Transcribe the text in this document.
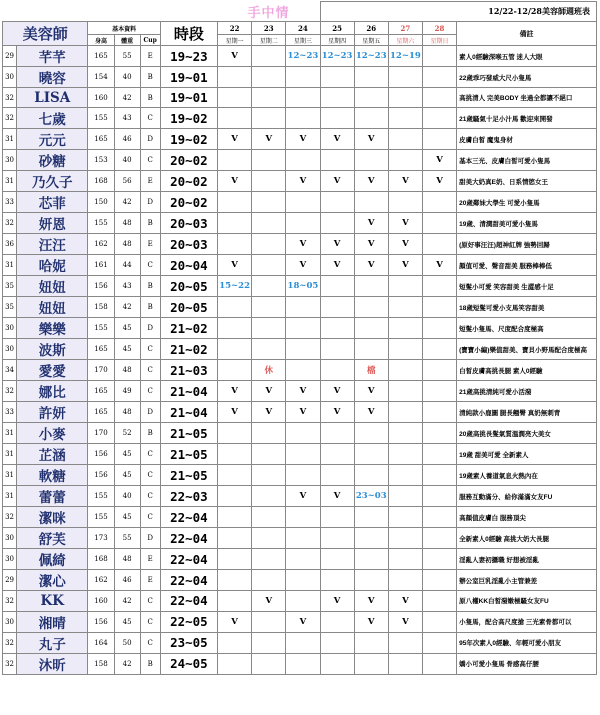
						手中情			12/22-12/28美容師週班表				
美容師		基本資料			時段	22	23	24	25	26	27	28	備註
		身高	體重	Cup		星期一	星期二	星期三	星期四	星期五	星期六	星期日	
29	芊芊	165	55	E	19~23	V		12~23	12~23	12~23	12~19		素人0經驗深喉五管 迷人大眼
30	曉容	154	40	B	19~01								22歲乖巧發威大尺小隻馬
32	LISA	160	42	B	19~01								高挑清人 完美BODY 坐過全都讓不絕口
32	七歲	155	43	C	19~02								21歲騷氣十足小汁馬 歡迎來開發
31	元元	165	46	D	19~02	V	V	V	V	V			皮膚白皙 魔鬼身材
30	砂糖	153	40	C	20~02							V	基本三光、皮膚白皙可愛小隻馬
31	乃久子	168	56	E	20~02	V		V	V	V	V	V	甜美大奶真E奶、日系情慾女王
33	芯菲	150	42	D	20~02								20歲鄰妹大學生 可愛小隻馬
32	妍恩	155	48	B	20~03					V	V		19歲、清潤甜美可愛小隻馬
36	汪汪	162	48	E	20~03			V	V	V	V		(原好事汪汪)超神紅牌 強勢回歸
31	哈妮	161	44	C	20~04	V		V	V	V	V	V	顏值可愛、聲音甜美 服務棒棒低
35	妞妞	156	43	B	20~05	15~22		18~05					短髮小可愛 笑容甜美 生澀感十足
35	妞妞	158	42	B	20~05								18歲短髮可愛小支馬笑容甜美
30	樂樂	155	45	D	21~02								短髮小隻馬、尺度配合度極高
30	波斯	165	45	C	21~02								(寶寶小編)樂值甜美、寶貝小野馬配合度極高
34	愛愛	170	48	C	21~03		休			檔			白皙皮膚高挑長腿 素人0經驗
32	娜比	165	49	C	21~04	V	V	V	V	V			21歲高挑清純可愛小活潑
33	許妍	165	48	D	21~04	V	V	V	V	V			清純款小鹿圖 腿長翹臀 真奶無刺青
31	小麥	170	52	B	21~05								20歲高挑長髮氣質溫潤亮大美女
31	芷涵	156	45	C	21~05								19歲 甜美可愛 全新素人
31	軟糖	156	45	C	21~05								19歲素人養道氣息火熱內在
31	蕾蕾	155	40	C	22~03			V	V	23~03			服務互動滿分、給你滿滿女友FU
32	潔咪	155	45	C	22~04								高顏值皮膚白 服務頂尖
30	舒芙	173	55	D	22~04								全新素人0經驗 高挑大奶大長腿
30	佩綺	168	48	E	22~04								淫亂人妻初攝職 好想被淫亂
29	潔心	162	46	E	22~04								辦公室巨乳淫亂小主管兼差
32	KK	160	42	C	22~04		V		V	V	V		原八權KK白皙潑嫩極騷女友FU
30	湘晴	156	45	C	22~05	V		V		V	V		小隻馬，配合高尺度搶 三光素骨都可以
32	丸子	164	50	C	23~05								95年次素人0經驗、年輕可愛小朋友
32	沐昕	158	42	B	24~05								嬌小可愛小隻馬 骨感高仔腰
